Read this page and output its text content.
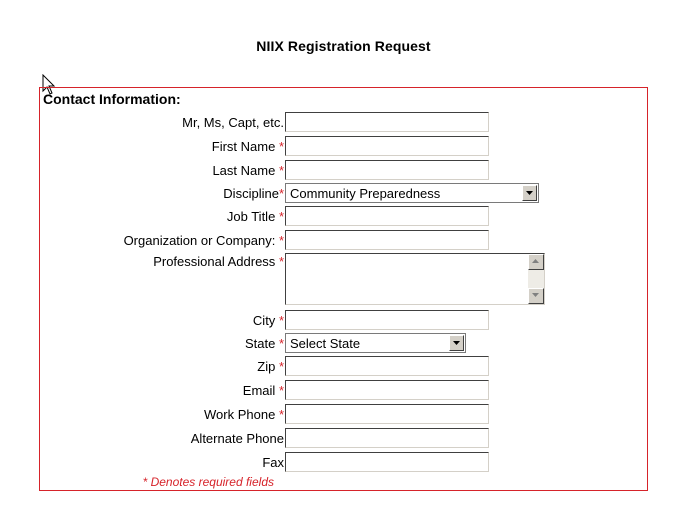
NIIX Registration Request
Contact Information:
Mr, Ms, Capt, etc.
First Name *
Last Name *
Discipline* Community Preparedness
Job Title *
Organization or Company: *
Professional Address *
City *
State * Select State
Zip *
Email *
Work Phone *
Alternate Phone
Fax
* Denotes required fields
